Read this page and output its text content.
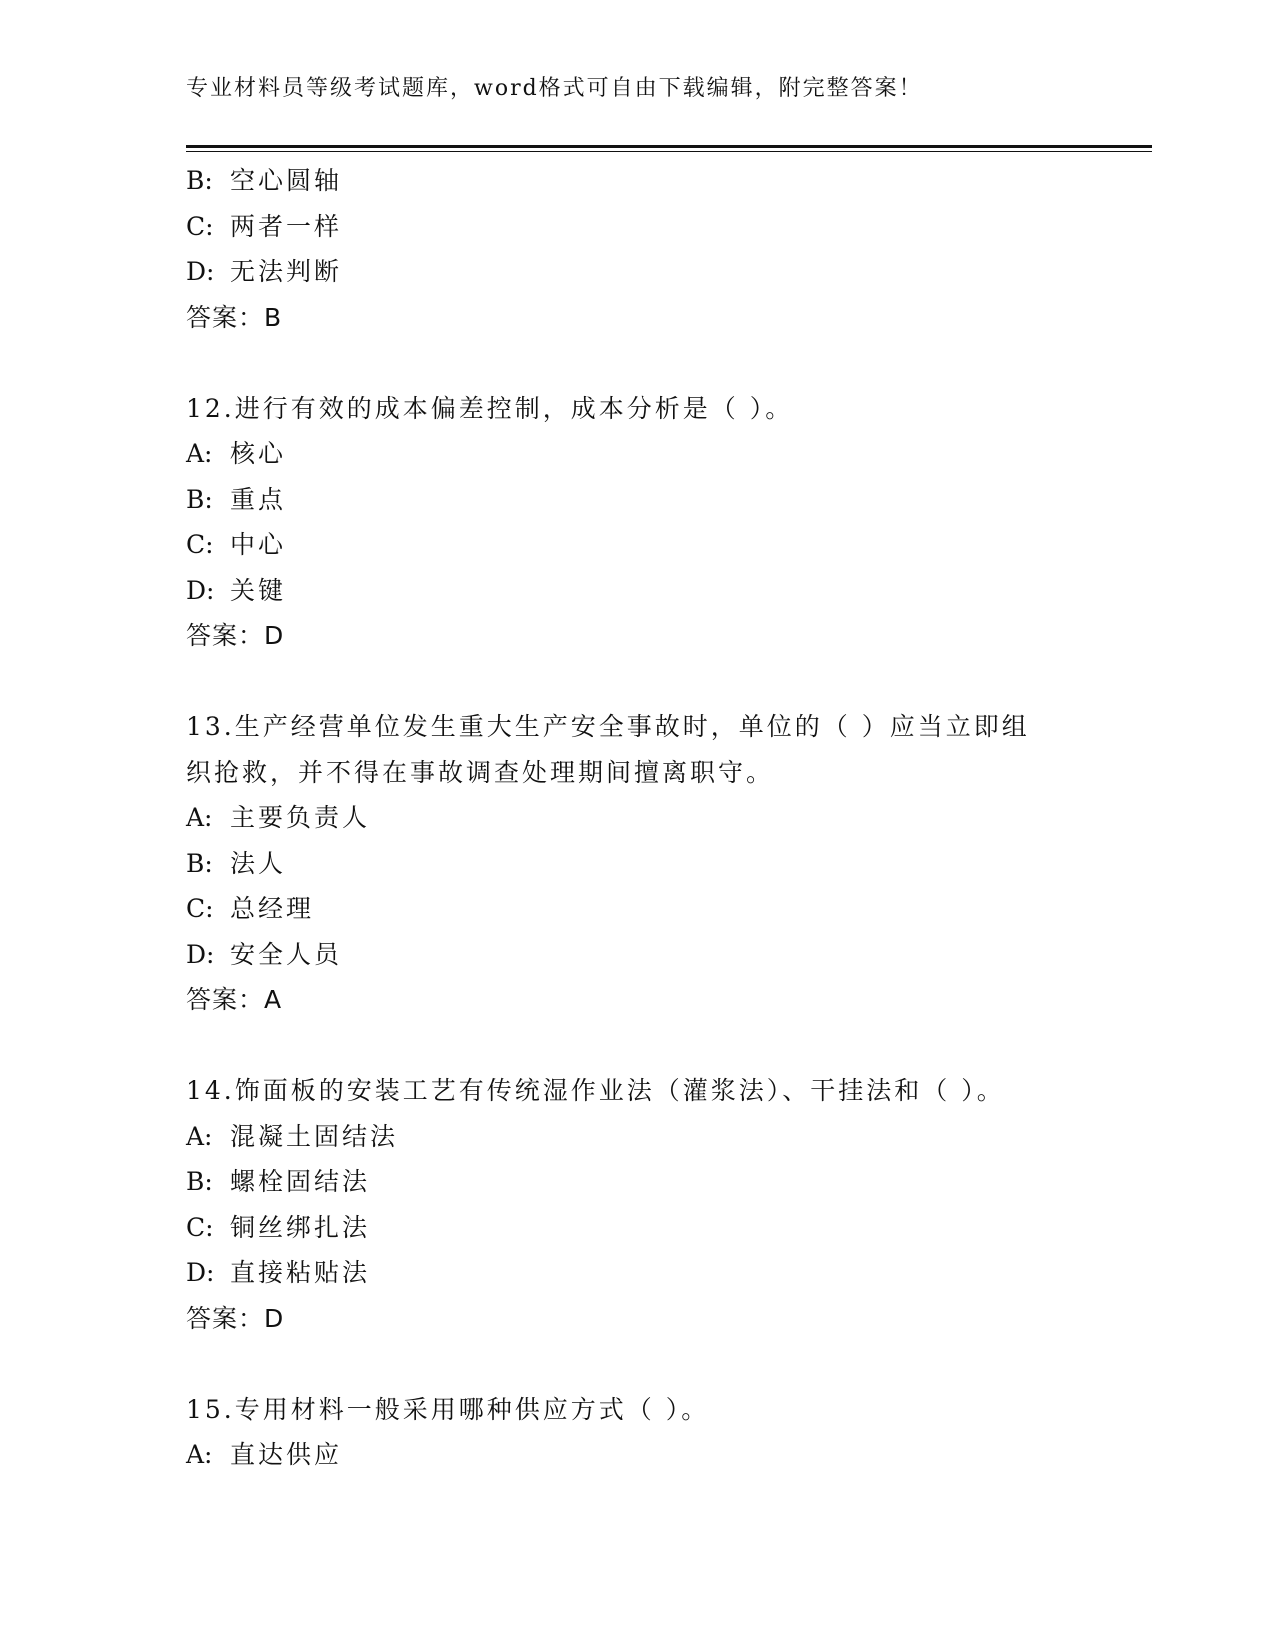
专业材料员等级考试题库，word格式可自由下载编辑，附完整答案！
B: 空心圆轴
C: 两者一样
D: 无法判断
答案：B
12.进行有效的成本偏差控制，成本分析是（ ）。
A: 核心
B: 重点
C: 中心
D: 关键
答案：D
13.生产经营单位发生重大生产安全事故时，单位的（ ）应当立即组
织抢救，并不得在事故调查处理期间擅离职守。
A: 主要负责人
B: 法人
C: 总经理
D: 安全人员
答案：A
14.饰面板的安装工艺有传统湿作业法（灌浆法）、干挂法和（ ）。
A: 混凝土固结法
B: 螺栓固结法
C: 铜丝绑扎法
D: 直接粘贴法
答案：D
15.专用材料一般采用哪种供应方式（ ）。
A: 直达供应
